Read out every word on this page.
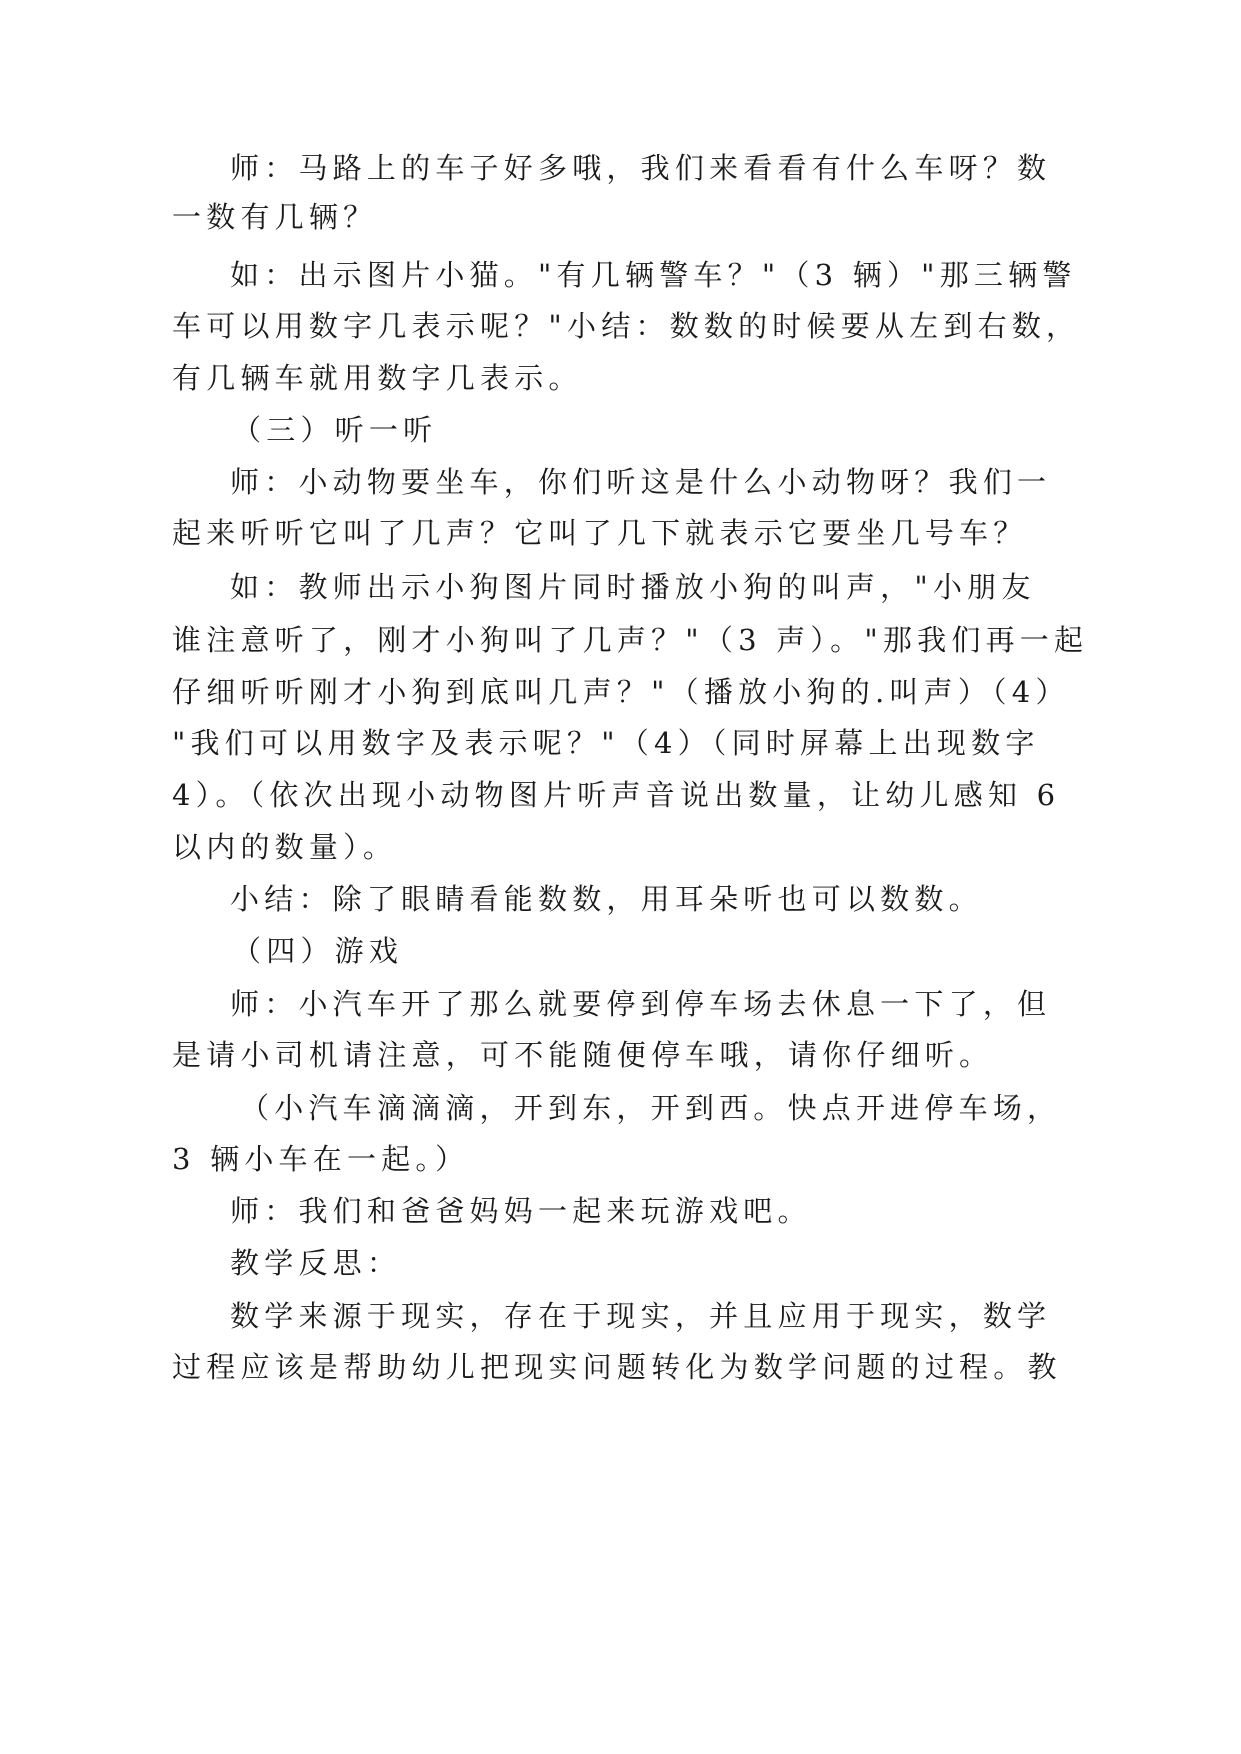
师：马路上的车子好多哦，我们来看看有什么车呀？数
一数有几辆？
如：出示图片小猫。"有几辆警车？"（3 辆）"那三辆警
车可以用数字几表示呢？"小结：数数的时候要从左到右数，
有几辆车就用数字几表示。
（三）听一听
师：小动物要坐车，你们听这是什么小动物呀？我们一
起来听听它叫了几声？它叫了几下就表示它要坐几号车？
如：教师出示小狗图片同时播放小狗的叫声，"小朋友
谁注意听了，刚才小狗叫了几声？"（3 声）。"那我们再一起
仔细听听刚才小狗到底叫几声？"（播放小狗的.叫声）（4）
"我们可以用数字及表示呢？"（4）（同时屏幕上出现数字
4）。（依次出现小动物图片听声音说出数量，让幼儿感知 6
以内的数量）。
小结：除了眼睛看能数数，用耳朵听也可以数数。
（四）游戏
师：小汽车开了那么就要停到停车场去休息一下了，但
是请小司机请注意，可不能随便停车哦，请你仔细听。
（小汽车滴滴滴，开到东，开到西。快点开进停车场，
3 辆小车在一起。）
师：我们和爸爸妈妈一起来玩游戏吧。
教学反思：
数学来源于现实，存在于现实，并且应用于现实，数学
过程应该是帮助幼儿把现实问题转化为数学问题的过程。教
